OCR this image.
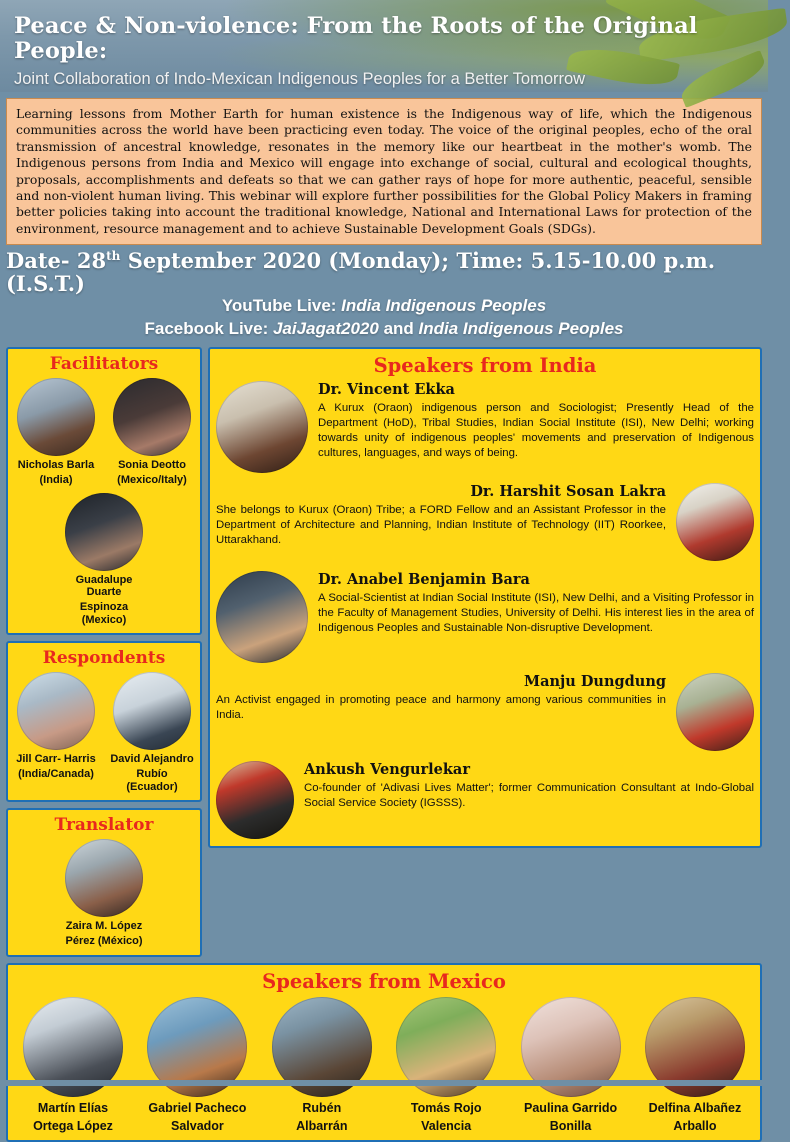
Peace & Non-violence: From the Roots of the Original People:
Joint Collaboration of Indo-Mexican Indigenous Peoples for a Better Tomorrow
Learning lessons from Mother Earth for human existence is the Indigenous way of life, which the Indigenous communities across the world have been practicing even today. The voice of the original peoples, echo of the oral transmission of ancestral knowledge, resonates in the memory like our heartbeat in the mother's womb. The Indigenous persons from India and Mexico will engage into exchange of social, cultural and ecological thoughts, proposals, accomplishments and defeats so that we can gather rays of hope for more authentic, peaceful, sensible and non-violent human living. This webinar will explore further possibilities for the Global Policy Makers in framing better policies taking into account the traditional knowledge, National and International Laws for protection of the environment, resource management and to achieve Sustainable Development Goals (SDGs).
Date- 28th September 2020 (Monday); Time: 5.15-10.00 p.m. (I.S.T.)
YouTube Live: India Indigenous Peoples
Facebook Live: JaiJagat2020 and India Indigenous Peoples
Facilitators
Nicholas Barla
(India)
Sonia Deotto
(Mexico/Italy)
Guadalupe Duarte
Espinoza (Mexico)
Respondents
Jill Carr- Harris
(India/Canada)
David Alejandro
Rubío (Ecuador)
Translator
Zaira M. López
Pérez (México)
Speakers from India
Dr. Vincent Ekka
A Kurux (Oraon) indigenous person and Sociologist; Presently Head of the Department (HoD), Tribal Studies, Indian Social Institute (ISI), New Delhi; working towards unity of indigenous peoples' movements and preservation of Indigenous cultures, languages, and ways of being.
Dr. Harshit Sosan Lakra
She belongs to Kurux (Oraon) Tribe; a FORD Fellow and an Assistant Professor in the Department of Architecture and Planning, Indian Institute of Technology (IIT) Roorkee, Uttarakhand.
Dr. Anabel Benjamin Bara
A Social-Scientist at Indian Social Institute (ISI), New Delhi, and a Visiting Professor in the Faculty of Management Studies, University of Delhi. His interest lies in the area of Indigenous Peoples and Sustainable Non-disruptive Development.
Manju Dungdung
An Activist engaged in promoting peace and harmony among various communities in India.
Ankush Vengurlekar
Co-founder of 'Adivasi Lives Matter'; former Communication Consultant at Indo-Global Social Service Society (IGSSS).
Speakers from Mexico
Martín Elías
Ortega López
Gabriel Pacheco
Salvador
Rubén
Albarrán
Tomás Rojo
Valencia
Paulina Garrido
Bonilla
Delfina Albañez
Arballo
